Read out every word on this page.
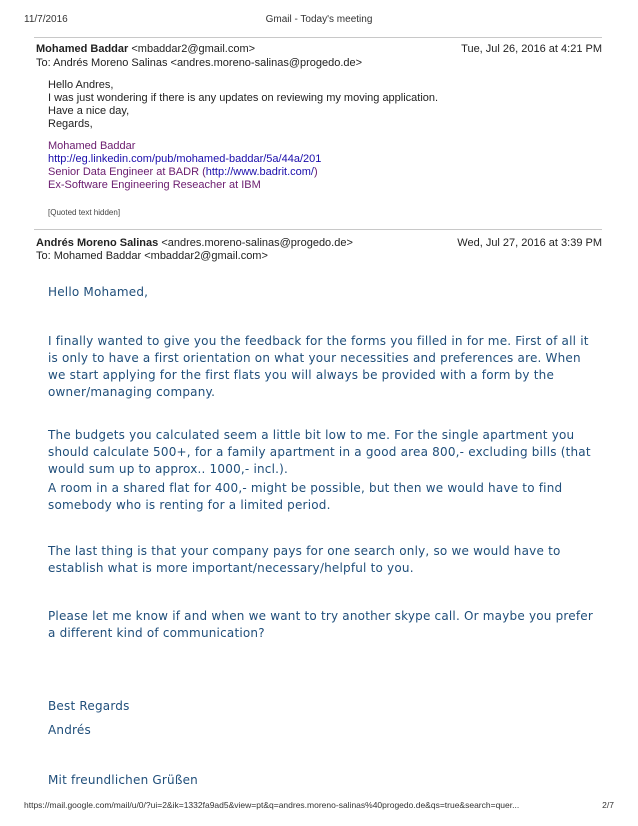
11/7/2016	Gmail - Today's meeting
Mohamed Baddar <mbaddar2@gmail.com>	Tue, Jul 26, 2016 at 4:21 PM
To: Andrés Moreno Salinas <andres.moreno-salinas@progedo.de>
Hello Andres,
I was just wondering if there is any updates on reviewing my moving application.
Have a nice day,
Regards,
Mohamed Baddar
http://eg.linkedin.com/pub/mohamed-baddar/5a/44a/201
Senior Data Engineer at BADR (http://www.badrit.com/)
Ex-Software Engineering Reseacher at IBM
[Quoted text hidden]
Andrés Moreno Salinas <andres.moreno-salinas@progedo.de>	Wed, Jul 27, 2016 at 3:39 PM
To: Mohamed Baddar <mbaddar2@gmail.com>
Hello Mohamed,
I finally wanted to give you the feedback for the forms you filled in for me. First of all it
is only to have a first orientation on what your necessities and preferences are. When
we start applying for the first flats you will always be provided with a form by the
owner/managing company.
The budgets you calculated seem a little bit low to me. For the single apartment you
should calculate 500+, for a family apartment in a good area 800,- excluding bills (that
would sum up to approx.. 1000,- incl.).
A room in a shared flat for 400,- might be possible, but then we would have to find
somebody who is renting for a limited period.
The last thing is that your company pays for one search only, so we would have to
establish what is more important/necessary/helpful to you.
Please let me know if and when we want to try another skype call. Or maybe you prefer
a different kind of communication?
Best Regards
Andrés
Mit freundlichen Grüßen
https://mail.google.com/mail/u/0/?ui=2&ik=1332fa9ad5&view=pt&q=andres.moreno-salinas%40progedo.de&qs=true&search=quer...	2/7
